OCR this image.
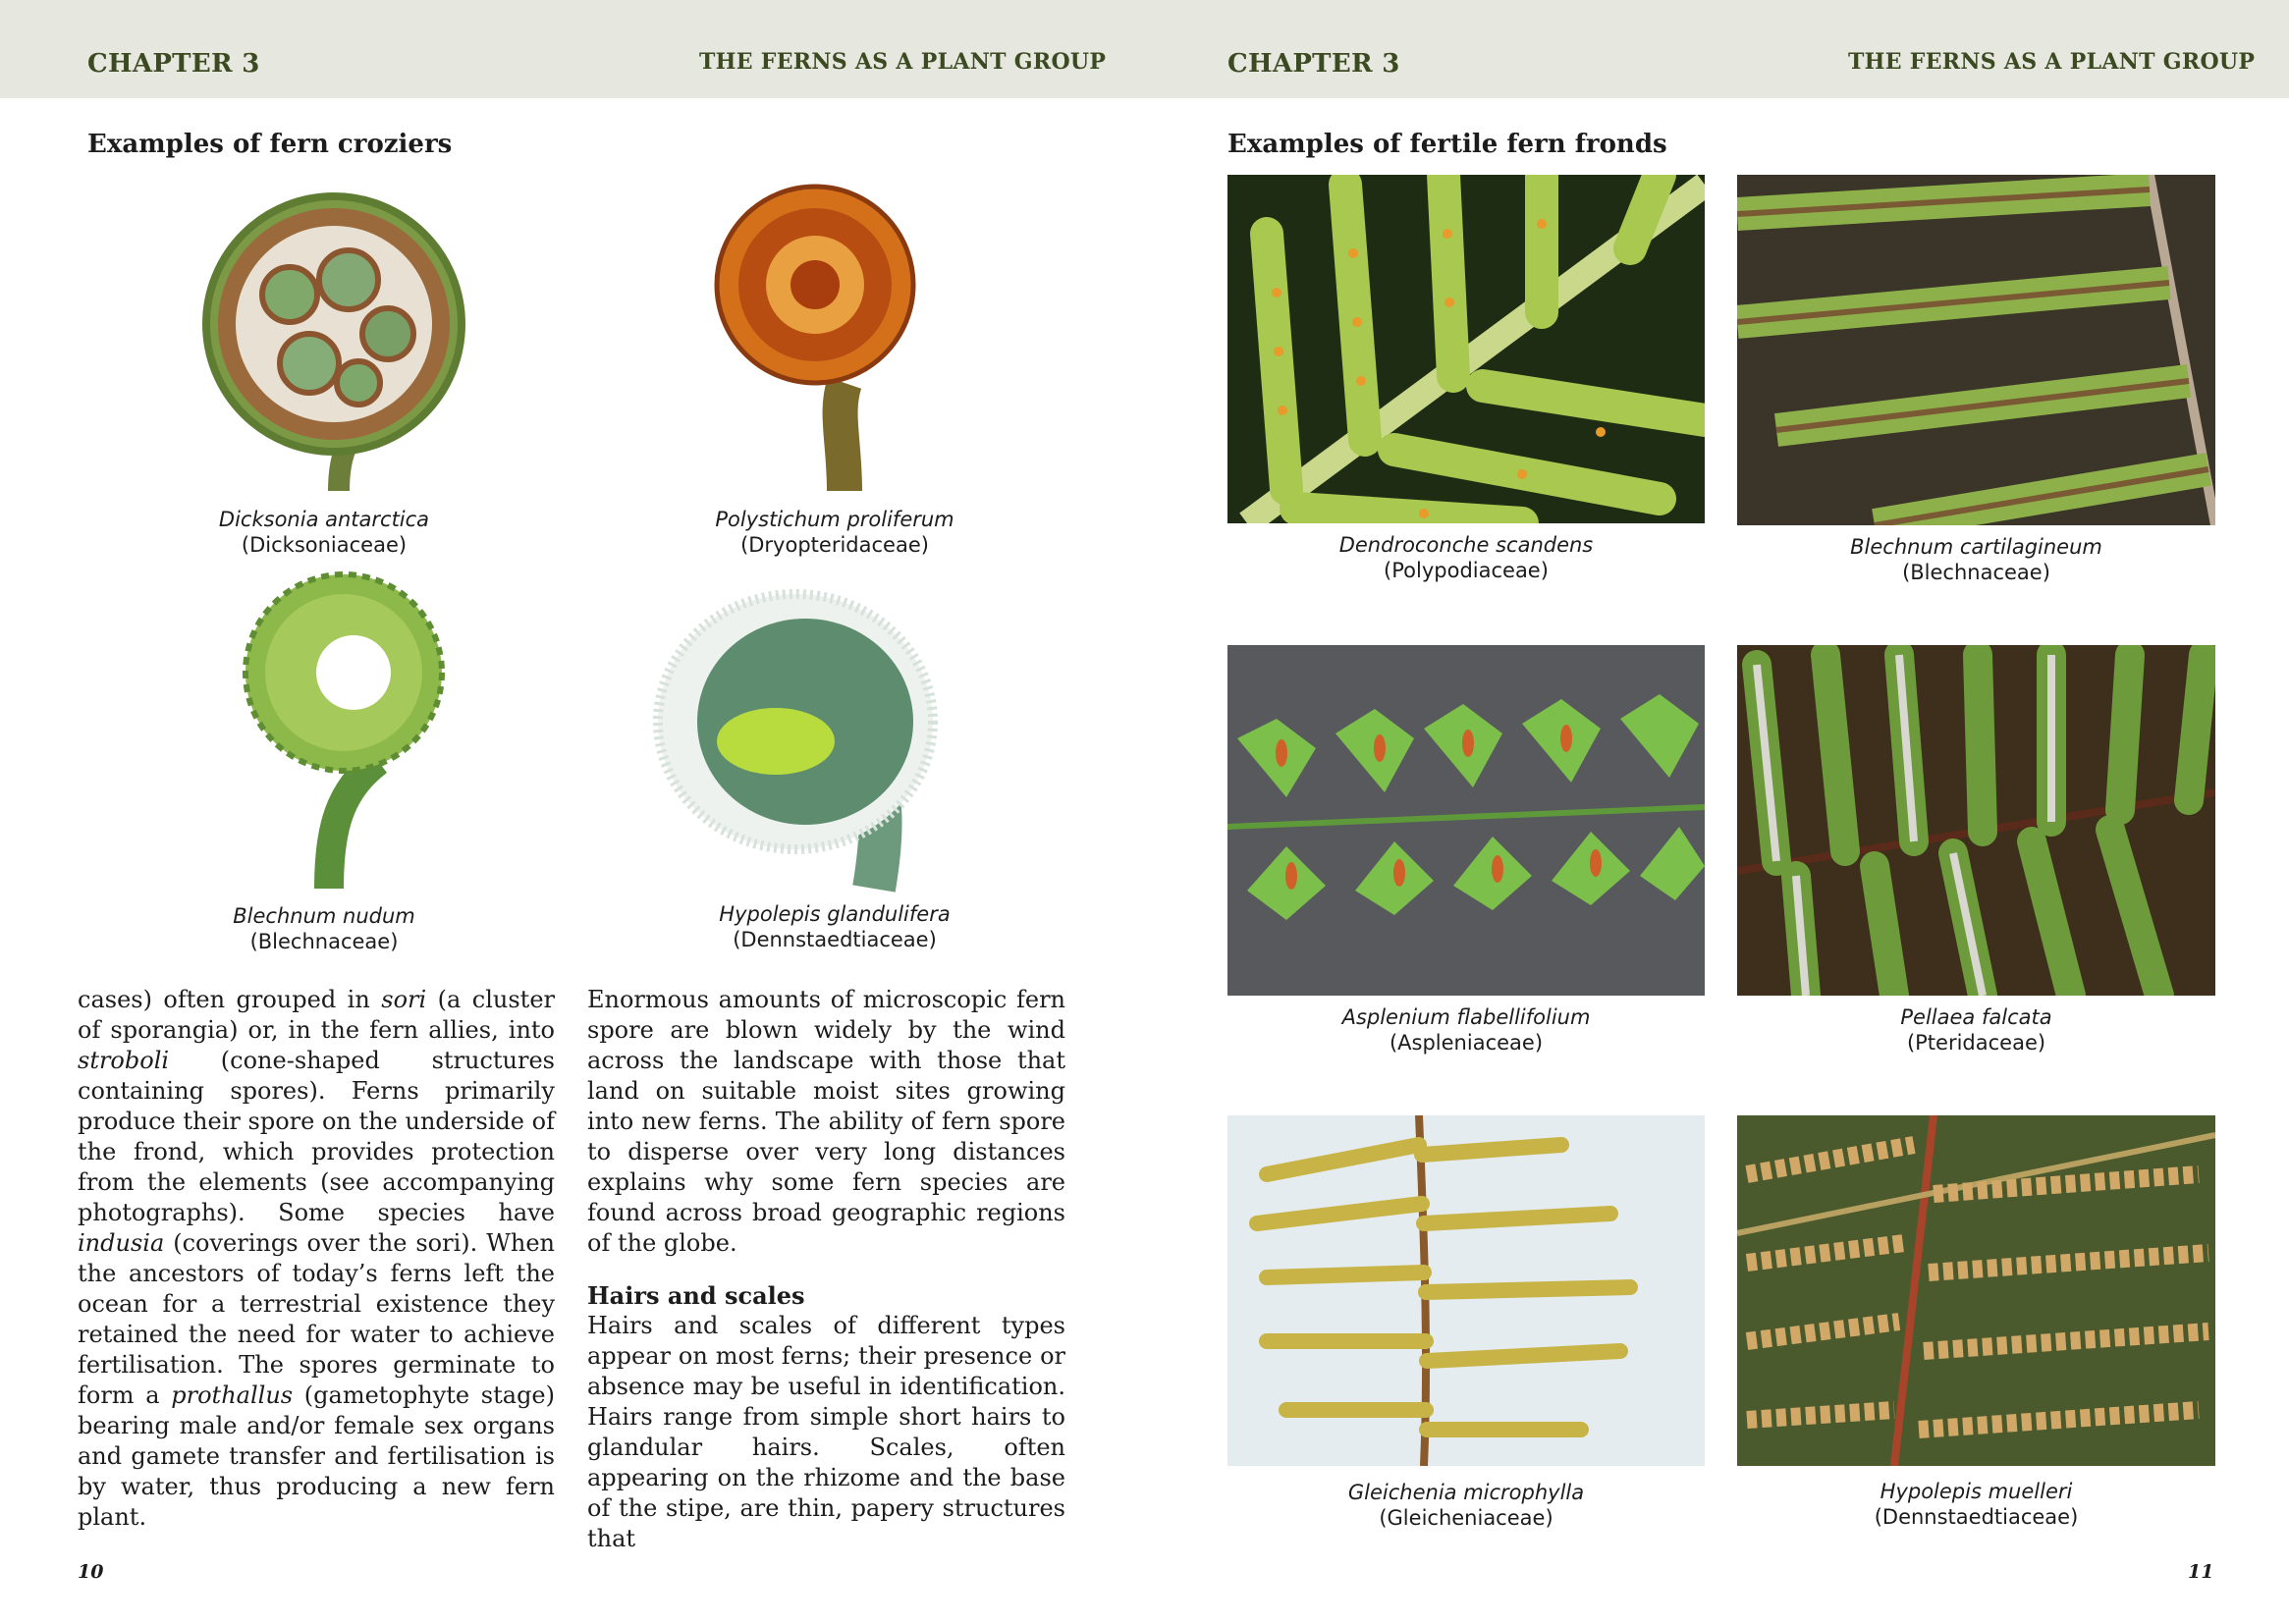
CHAPTER 3	THE FERNS AS A PLANT GROUP	CHAPTER 3	THE FERNS AS A PLANT GROUP
Examples of fern croziers
Dicksonia antarctica
(Dicksoniaceae)
Polystichum proliferum
(Dryopteridaceae)
Blechnum nudum
(Blechnaceae)
Hypolepis glandulifera
(Dennstaedtiaceae)

cases) often grouped in sori (a cluster of sporangia) or, in the fern allies, into stroboli (cone-shaped structures containing spores). Ferns primarily produce their spore on the underside of the frond, which provides protection from the elements (see accompanying photographs). Some species have indusia (coverings over the sori). When the ancestors of today’s ferns left the ocean for a terrestrial existence they retained the need for water to achieve fertilisation. The spores germinate to form a prothallus (gametophyte stage) bearing male and/or female sex organs and gamete transfer and fertilisation is by water, thus producing a new fern plant.

Enormous amounts of microscopic fern spore are blown widely by the wind across the landscape with those that land on suitable moist sites growing into new ferns. The ability of fern spore to disperse over very long distances explains why some fern species are found across broad geographic regions of the globe.

Hairs and scales

Hairs and scales of different types appear on most ferns; their presence or absence may be useful in identification. Hairs range from simple short hairs to glandular hairs. Scales, often appearing on the rhizome and the base of the stipe, are thin, papery structures that

10
Examples of fertile fern fronds
Dendroconche scandens
(Polypodiaceae)
Blechnum cartilagineum
(Blechnaceae)
Asplenium flabellifolium
(Aspleniaceae)
Pellaea falcata
(Pteridaceae)
Gleichenia microphylla
(Gleicheniaceae)
Hypolepis muelleri
(Dennstaedtiaceae)
11
